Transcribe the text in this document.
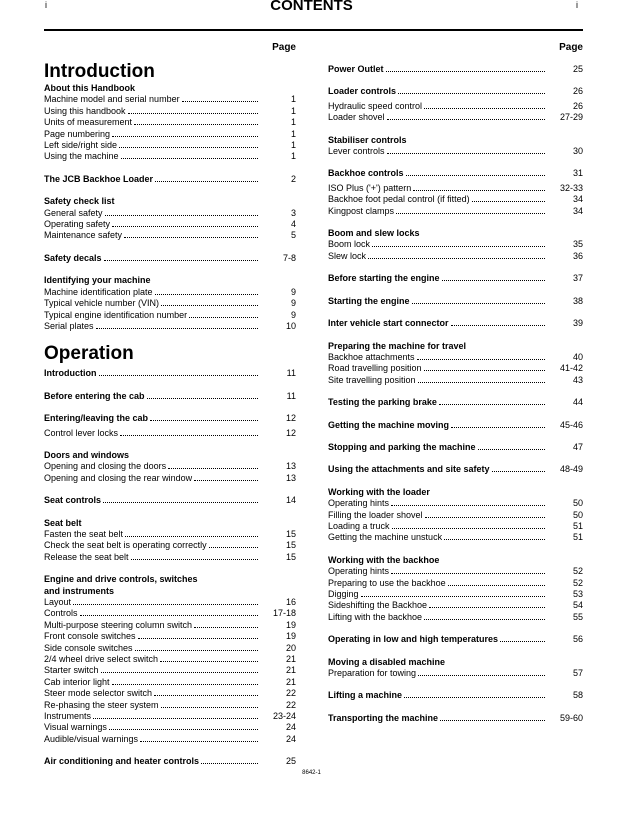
i	CONTENTS	i
Page
Introduction
About this Handbook
Machine model and serial number	1
Using this handbook	1
Units of measurement	1
Page numbering	1
Left side/right side	1
Using the machine	1
The JCB Backhoe Loader	2
Safety check list
General safety	3
Operating safety	4
Maintenance safety	5
Safety decals	7-8
Identifying your machine
Machine identification plate	9
Typical vehicle number (VIN)	9
Typical engine identification number	9
Serial plates	10
Operation
Introduction	11
Before entering the cab	11
Entering/leaving the cab	12
Control lever locks	12
Doors and windows
Opening and closing the doors	13
Opening and closing the rear window	13
Seat controls	14
Seat belt
Fasten the seat belt	15
Check the seat belt is operating correctly	15
Release the seat belt	15
Engine and drive controls, switches
and instruments
Layout	16
Controls	17-18
Multi-purpose steering column switch	19
Front console switches	19
Side console switches	20
2/4 wheel drive select switch	21
Starter switch	21
Cab interior light	21
Steer mode selector switch	22
Re-phasing the steer system	22
Instruments	23-24
Visual warnings	24
Audible/visual warnings	24
Air conditioning and heater controls	25
Page
Power Outlet	25
Loader controls	26
Hydraulic speed control	26
Loader shovel	27-29
Stabiliser controls
Lever controls	30
Backhoe controls	31
ISO Plus ('+') pattern	32-33
Backhoe foot pedal control (if fitted)	34
Kingpost clamps	34
Boom and slew locks
Boom lock	35
Slew lock	36
Before starting the engine	37
Starting the engine	38
Inter vehicle start connector	39
Preparing the machine for travel
Backhoe attachments	40
Road travelling position	41-42
Site travelling position	43
Testing the parking brake	44
Getting the machine moving	45-46
Stopping and parking the machine	47
Using the attachments and site safety	48-49
Working with the loader
Operating hints	50
Filling the loader shovel	50
Loading a truck	51
Getting the machine unstuck	51
Working with the backhoe
Operating hints	52
Preparing to use the backhoe	52
Digging	53
Sideshifting the Backhoe	54
Lifting with the backhoe	55
Operating in low and high temperatures	56
Moving a disabled machine
Preparation for towing	57
Lifting a machine	58
Transporting the machine	59-60
8642-1
